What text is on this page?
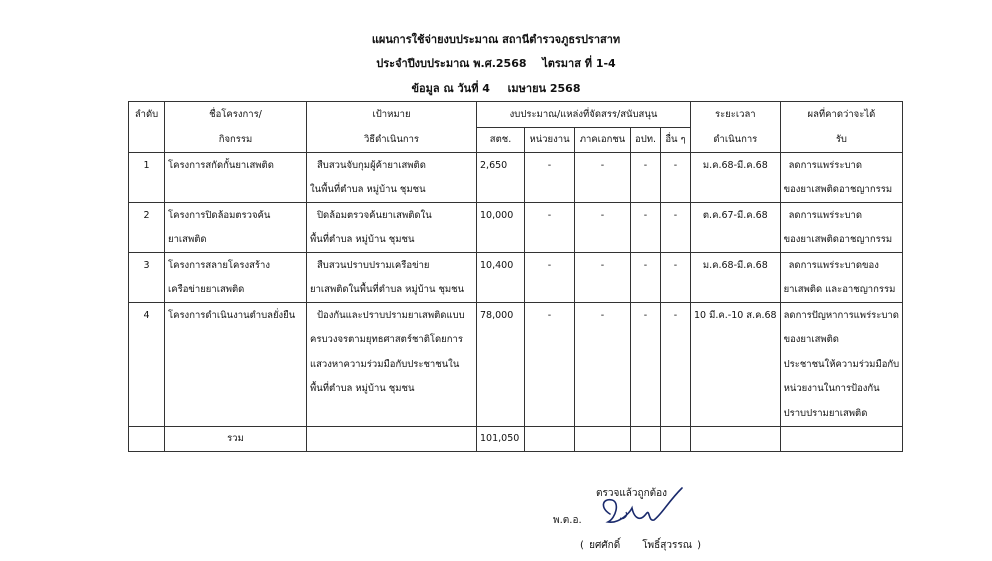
แผนการใช้จ่ายงบประมาณ สถานีตำรวจภูธรปราสาท
ประจำปีงบประมาณ พ.ศ.2568 ไตรมาส ที่ 1-4
ข้อมูล ณ วันที่ 4 เมษายน 2568
ลำดับ	ชื่อโครงการ/	เป้าหมาย	งบประมาณ/แหล่งที่จัดสรร/สนับสนุน					ระยะเวลา	ผลที่คาดว่าจะได้
	กิจกรรม	วิธีดำเนินการ	สตช.	หน่วยงาน	ภาคเอกชน	อปท.	อื่น ๆ	ดำเนินการ	รับ
1	โครงการสกัดกั้นยาเสพติด	สืบสวนจับกุมผู้ค้ายาเสพติด	2,650	-	-	-	-	ม.ค.68-มี.ค.68	ลดการแพร่ระบาด
		ในพื้นที่ตำบล หมู่บ้าน ชุมชน							ของยาเสพติดอาชญากรรม
2	โครงการปิดล้อมตรวจค้น	ปิดล้อมตรวจค้นยาเสพติดใน	10,000	-	-	-	-	ต.ค.67-มี.ค.68	ลดการแพร่ระบาด
	ยาเสพติด	พื้นที่ตำบล หมู่บ้าน ชุมชน							ของยาเสพติดอาชญากรรม
3	โครงการสลายโครงสร้าง	สืบสวนปราบปรามเครือข่าย	10,400	-	-	-	-	ม.ค.68-มี.ค.68	ลดการแพร่ระบาดของ
	เครือข่ายยาเสพติด	ยาเสพติดในพื้นที่ตำบล หมู่บ้าน ชุมชน							ยาเสพติด และอาชญากรรม
4	โครงการดำเนินงานตำบลยั่งยืน	ป้องกันและปราบปรามยาเสพติดแบบ	78,000	-	-	-	-	10 มี.ค.-10 ส.ค.68	ลดการปัญหาการแพร่ระบาด
		ครบวงจรตามยุทธศาสตร์ชาติโดยการ							ของยาเสพติด
		แสวงหาความร่วมมือกับประชาชนใน							ประชาชนให้ความร่วมมือกับ
		พื้นที่ตำบล หมู่บ้าน ชุมชน							หน่วยงานในการป้องกัน
									ปราบปรามยาเสพติด
	รวม		101,050						
ตรวจแล้วถูกต้อง
พ.ต.อ.
( ยศศักดิ์ โพธิ์สุวรรณ )
